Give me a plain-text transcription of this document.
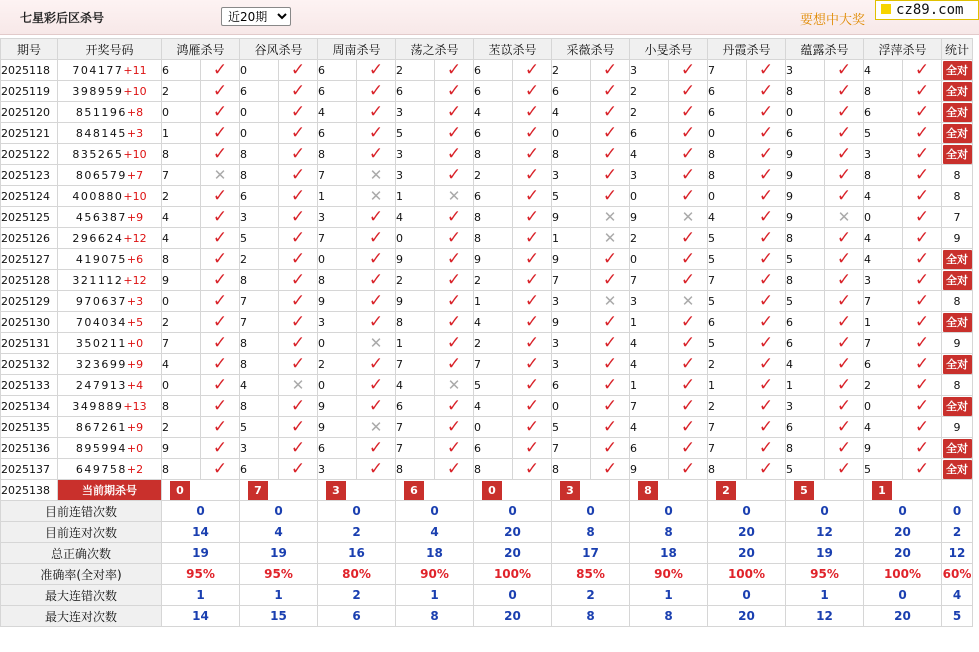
七星彩后区杀号
近20期	要想中大奖
cz89.com
期号	开奖号码	鸿雁杀号		谷风杀号		周南杀号		荡之杀号		苤苡杀号		采薇杀号		小旻杀号		丹霞杀号		蕴露杀号		浮萍杀号		统计
2025118	704177+11	6	✓	0	✓	6	✓	2	✓	6	✓	2	✓	3	✓	7	✓	3	✓	4	✓	全对
2025119	398959+10	2	✓	6	✓	6	✓	6	✓	6	✓	6	✓	2	✓	6	✓	8	✓	8	✓	全对
2025120	851196+8	0	✓	0	✓	4	✓	3	✓	4	✓	4	✓	2	✓	6	✓	0	✓	6	✓	全对
2025121	848145+3	1	✓	0	✓	6	✓	5	✓	6	✓	0	✓	6	✓	0	✓	6	✓	5	✓	全对
2025122	835265+10	8	✓	8	✓	8	✓	3	✓	8	✓	8	✓	4	✓	8	✓	9	✓	3	✓	全对
2025123	806579+7	7	✕	8	✓	7	✕	3	✓	2	✓	3	✓	3	✓	8	✓	9	✓	8	✓	8
2025124	400880+10	2	✓	6	✓	1	✕	1	✕	6	✓	5	✓	0	✓	0	✓	9	✓	4	✓	8
2025125	456387+9	4	✓	3	✓	3	✓	4	✓	8	✓	9	✕	9	✕	4	✓	9	✕	0	✓	7
2025126	296624+12	4	✓	5	✓	7	✓	0	✓	8	✓	1	✕	2	✓	5	✓	8	✓	4	✓	9
2025127	419075+6	8	✓	2	✓	0	✓	9	✓	9	✓	9	✓	0	✓	5	✓	5	✓	4	✓	全对
2025128	321112+12	9	✓	8	✓	8	✓	2	✓	2	✓	7	✓	7	✓	7	✓	8	✓	3	✓	全对
2025129	970637+3	0	✓	7	✓	9	✓	9	✓	1	✓	3	✕	3	✕	5	✓	5	✓	7	✓	8
2025130	704034+5	2	✓	7	✓	3	✓	8	✓	4	✓	9	✓	1	✓	6	✓	6	✓	1	✓	全对
2025131	350211+0	7	✓	8	✓	0	✕	1	✓	2	✓	3	✓	4	✓	5	✓	6	✓	7	✓	9
2025132	323699+9	4	✓	8	✓	2	✓	7	✓	7	✓	3	✓	4	✓	2	✓	4	✓	6	✓	全对
2025133	247913+4	0	✓	4	✕	0	✓	4	✕	5	✓	6	✓	1	✓	1	✓	1	✓	2	✓	8
2025134	349889+13	8	✓	8	✓	9	✓	6	✓	4	✓	0	✓	7	✓	2	✓	3	✓	0	✓	全对
2025135	867261+9	2	✓	5	✓	9	✕	7	✓	0	✓	5	✓	4	✓	7	✓	6	✓	4	✓	9
2025136	895994+0	9	✓	3	✓	6	✓	7	✓	6	✓	7	✓	6	✓	7	✓	8	✓	9	✓	全对
2025137	649758+2	8	✓	6	✓	3	✓	8	✓	8	✓	8	✓	9	✓	8	✓	5	✓	5	✓	全对
2025138	当前期杀号	0		7		3		6		0		3		8		2		5		1		
目前连错次数		0		0		0		0		0		0		0		0		0		0		0
目前连对次数		14		4		2		4		20		8		8		20		12		20		2
总正确次数		19		19		16		18		20		17		18		20		19		20		12
准确率(全对率)		95%		95%		80%		90%		100%		85%		90%		100%		95%		100%		60%
最大连错次数		1		1		2		1		0		2		1		0		1		0		4
最大连对次数		14		15		6		8		20		8		8		20		12		20		5
